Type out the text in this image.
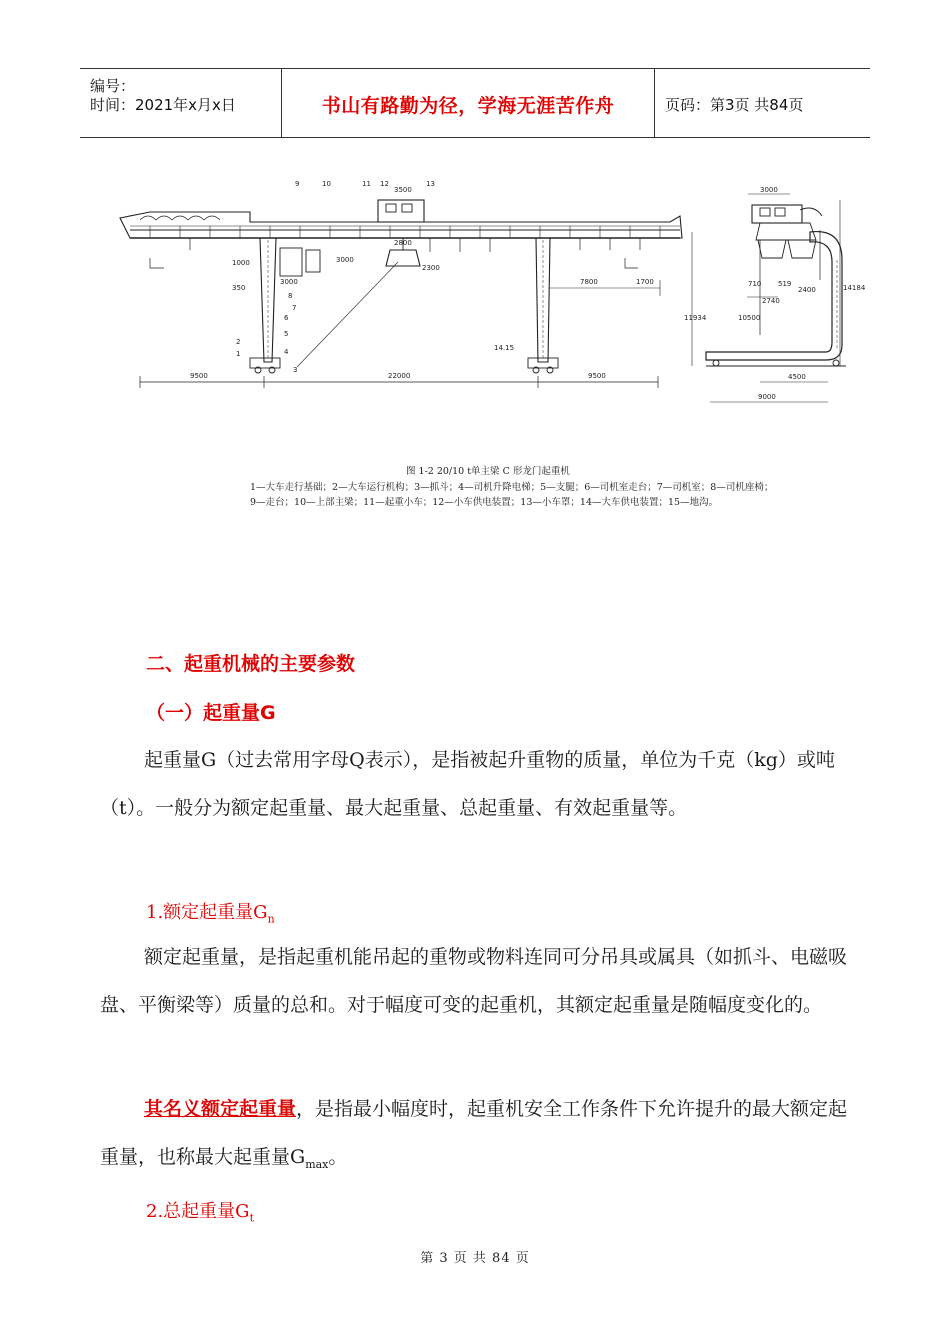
编号：
时间：2021年x月x日	书山有路勤为径，学海无涯苦作舟	页码：第3页 共84页
9500	22000	9500
3500
2800
3000
1000
350
3000
2300
7800	1700
3000
11934	10500
710 519
2740
2400	14184
4500
9000
9	10	11 12	13
1
2
3
4
5
6
7
8
14.15
图 1-2 20/10 t单主梁 C 形龙门起重机
1—大车走行基础；2—大车运行机构；3—抓斗；4—司机升降电梯；5—支腿；6—司机室走台；7—司机室；8—司机座椅；
9—走台；10—上部主梁；11—起重小车；12—小车供电装置；13—小车罩；14—大车供电装置；15—地沟。
二、起重机械的主要参数
（一）起重量G

起重量G（过去常用字母Q表示），是指被起升重物的质量，单位为千克（kg）或吨（t）。一般分为额定起重量、最大起重量、总起重量、有效起重量等。

1.额定起重量$G_n$

额定起重量，是指起重机能吊起的重物或物料连同可分吊具或属具（如抓斗、电磁吸盘、平衡梁等）质量的总和。对于幅度可变的起重机，其额定起重量是随幅度变化的。

其名义额定起重量，是指最小幅度时，起重机安全工作条件下允许提升的最大额定起重量，也称最大起重量$G_{max}$。

2.总起重量$G_t$
第 3 页 共 84 页
